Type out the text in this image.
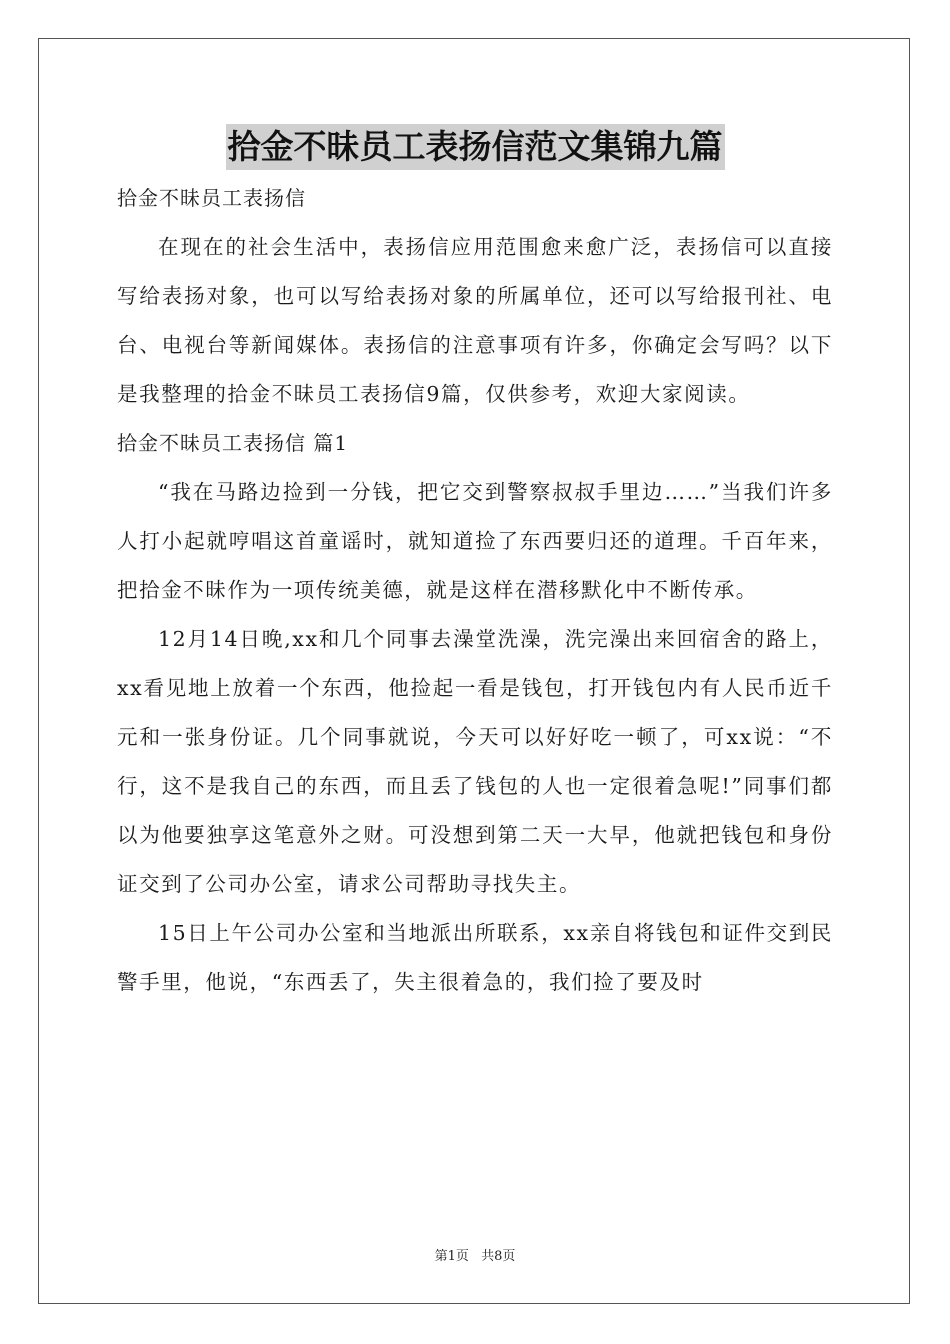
拾金不昧员工表扬信范文集锦九篇

拾金不昧员工表扬信

在现在的社会生活中，表扬信应用范围愈来愈广泛，表扬信可以直接写给表扬对象，也可以写给表扬对象的所属单位，还可以写给报刊社、电台、电视台等新闻媒体。表扬信的注意事项有许多，你确定会写吗？以下是我整理的拾金不昧员工表扬信9篇，仅供参考，欢迎大家阅读。

拾金不昧员工表扬信 篇1

“我在马路边捡到一分钱，把它交到警察叔叔手里边……”当我们许多人打小起就哼唱这首童谣时，就知道捡了东西要归还的道理。千百年来，把拾金不昧作为一项传统美德，就是这样在潜移默化中不断传承。

12月14日晚,xx和几个同事去澡堂洗澡，洗完澡出来回宿舍的路上，xx看见地上放着一个东西，他捡起一看是钱包，打开钱包内有人民币近千元和一张身份证。几个同事就说，今天可以好好吃一顿了，可xx说：“不行，这不是我自己的东西，而且丢了钱包的人也一定很着急呢!”同事们都以为他要独享这笔意外之财。可没想到第二天一大早，他就把钱包和身份证交到了公司办公室，请求公司帮助寻找失主。

15日上午公司办公室和当地派出所联系，xx亲自将钱包和证件交到民警手里，他说，“东西丢了，失主很着急的，我们捡了要及时

第1页 共8页
